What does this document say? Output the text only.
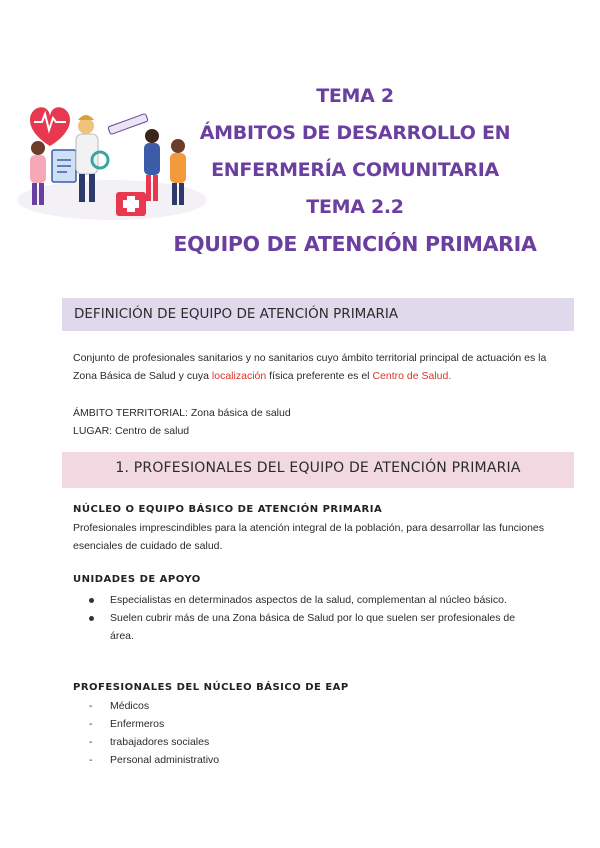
TEMA 2
ÁMBITOS DE DESARROLLO EN
ENFERMERÍA COMUNITARIA
TEMA 2.2
EQUIPO DE ATENCIÓN PRIMARIA
DEFINICIÓN DE EQUIPO DE ATENCIÓN PRIMARIA
Conjunto de profesionales sanitarios y no sanitarios cuyo ámbito territorial principal de actuación es la Zona Básica de Salud y cuya localización física preferente es el Centro de Salud.
ÁMBITO TERRITORIAL: Zona básica de salud
LUGAR: Centro de salud
1. PROFESIONALES DEL EQUIPO DE ATENCIÓN PRIMARIA
NÚCLEO O EQUIPO BÁSICO DE ATENCIÓN PRIMARIA
Profesionales imprescindibles para la atención integral de la población, para desarrollar las funciones esenciales de cuidado de salud.
UNIDADES DE APOYO
Especialistas en determinados aspectos de la salud, complementan al núcleo básico.
Suelen cubrir más de una Zona básica de Salud por lo que suelen ser profesionales de área.
PROFESIONALES DEL NÚCLEO BÁSICO DE EAP
- Médicos
- Enfermeros
- trabajadores sociales
- Personal administrativo
